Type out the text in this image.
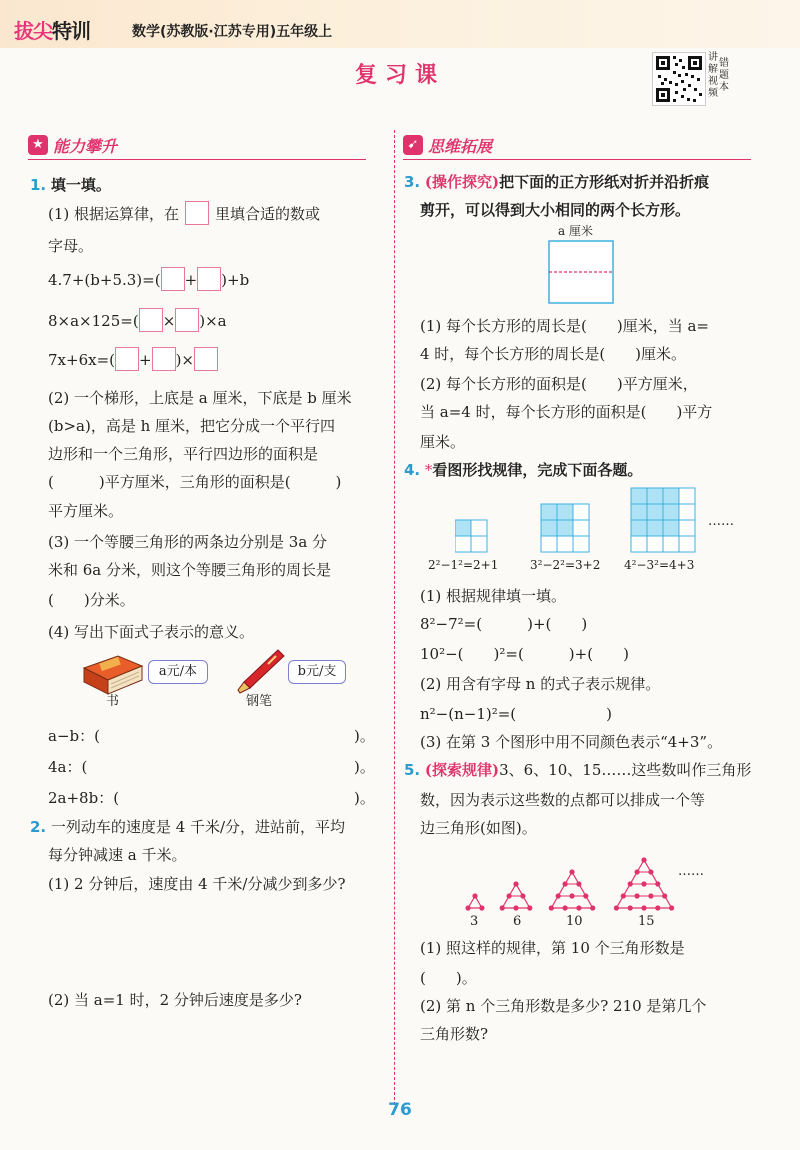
拔尖特训	数学(苏教版·江苏专用)五年级上
复习课
讲解视频错题本
★ 能力攀升
1. 填一填。
(1) 根据运算律，在 里填合适的数或
字母。
4.7+(b+5.3)=( + )+b
8×a×125=( × )×a
7x+6x=( + )×
(2) 一个梯形，上底是 a 厘米，下底是 b 厘米
(b>a)，高是 h 厘米，把它分成一个平行四
边形和一个三角形，平行四边形的面积是
(　　　)平方厘米，三角形的面积是(　　　)
平方厘米。
(3) 一个等腰三角形的两条边分别是 3a 分
米和 6a 分米，则这个等腰三角形的周长是
(　　)分米。
(4) 写出下面式子表示的意义。
a元/本
书
b元/支
钢笔
a−b：(	)。
4a：(	)。
2a+8b：(	)。
2. 一列动车的速度是 4 千米/分，进站前，平均
每分钟减速 a 千米。
(1) 2 分钟后，速度由 4 千米/分减少到多少?
(2) 当 a=1 时，2 分钟后速度是多少?
➹ 思维拓展
3. (操作探究)把下面的正方形纸对折并沿折痕
剪开，可以得到大小相同的两个长方形。
a 厘米
(1) 每个长方形的周长是(　　)厘米，当 a=
4 时，每个长方形的周长是(　　)厘米。
(2) 每个长方形的面积是(　　)平方厘米，
当 a=4 时，每个长方形的面积是(　　)平方
厘米。
4. *看图形找规律，完成下面各题。
……
2²−1²=2+1	3²−2²=3+2 4²−3²=4+3
(1) 根据规律填一填。
8²−7²=(　　　)+(　　)
10²−(　　)²=(　　　)+(　　)
(2) 用含有字母 n 的式子表示规律。
n²−(n−1)²=(　　　　　　)
(3) 在第 3 个图形中用不同颜色表示“4+3”。
5. (探索规律)3、6、10、15……这些数叫作三角形
数，因为表示这些数的点都可以排成一个等
边三角形(如图)。
……
3	6	10	15
(1) 照这样的规律，第 10 个三角形数是
(　　)。
(2) 第 n 个三角形数是多少? 210 是第几个
三角形数?
76
